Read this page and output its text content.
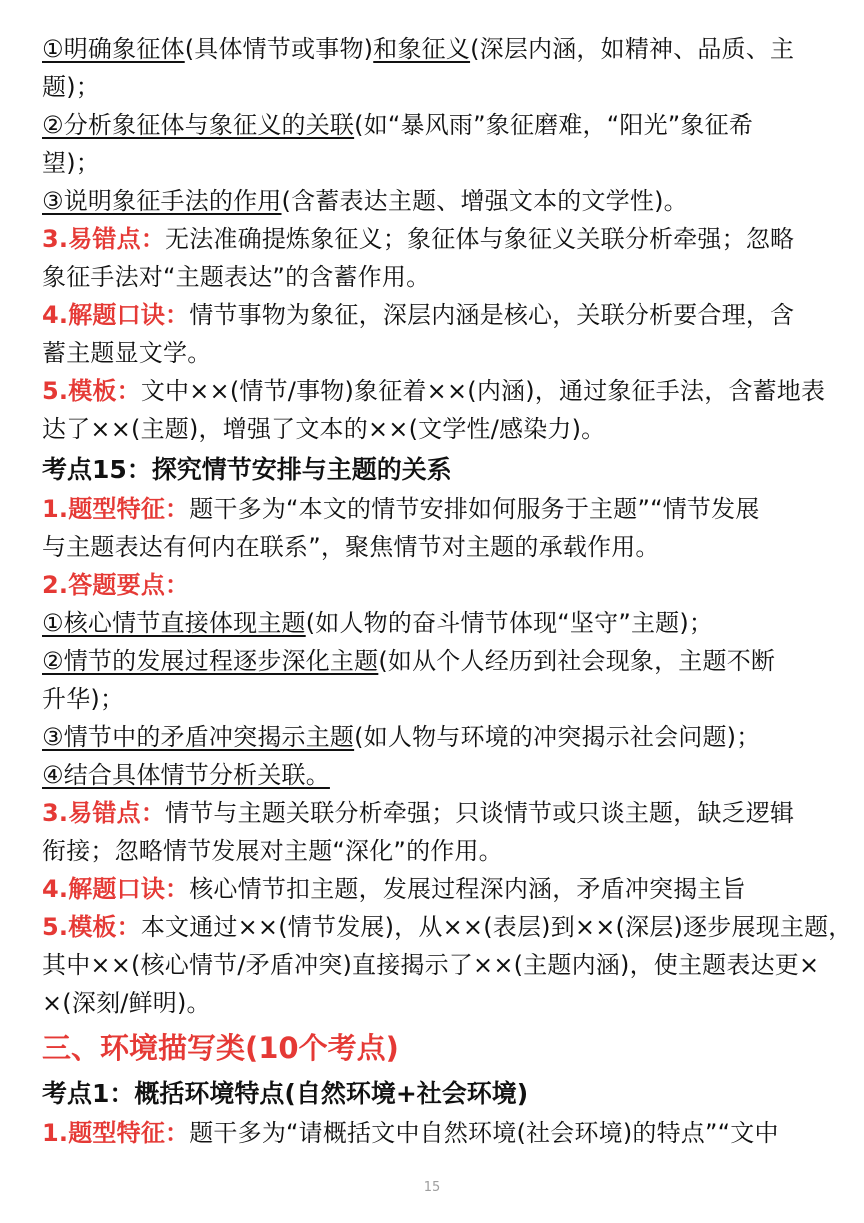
①明确象征体(具体情节或事物)和象征义(深层内涵，如精神、品质、主
题)；
②分析象征体与象征义的关联(如“暴风雨”象征磨难，“阳光”象征希
望)；
③说明象征手法的作用(含蓄表达主题、增强文本的文学性)。
3.易错点：无法准确提炼象征义；象征体与象征义关联分析牵强；忽略
象征手法对“主题表达”的含蓄作用。
4.解题口诀：情节事物为象征，深层内涵是核心，关联分析要合理，含
蓄主题显文学。
5.模板：文中××(情节/事物)象征着××(内涵)，通过象征手法，含蓄地表
达了××(主题)，增强了文本的××(文学性/感染力)。
考点15：探究情节安排与主题的关系
1.题型特征：题干多为“本文的情节安排如何服务于主题”“情节发展
与主题表达有何内在联系”，聚焦情节对主题的承载作用。
2.答题要点：
①核心情节直接体现主题(如人物的奋斗情节体现“坚守”主题)；
②情节的发展过程逐步深化主题(如从个人经历到社会现象，主题不断
升华)；
③情节中的矛盾冲突揭示主题(如人物与环境的冲突揭示社会问题)；
④结合具体情节分析关联。
3.易错点：情节与主题关联分析牵强；只谈情节或只谈主题，缺乏逻辑
衔接；忽略情节发展对主题“深化”的作用。
4.解题口诀：核心情节扣主题，发展过程深内涵，矛盾冲突揭主旨
5.模板：本文通过××(情节发展)，从××(表层)到××(深层)逐步展现主题，
其中××(核心情节/矛盾冲突)直接揭示了××(主题内涵)，使主题表达更×
×(深刻/鲜明)。
三、环境描写类(10个考点)
考点1：概括环境特点(自然环境+社会环境)
1.题型特征：题干多为“请概括文中自然环境(社会环境)的特点”“文中
15
